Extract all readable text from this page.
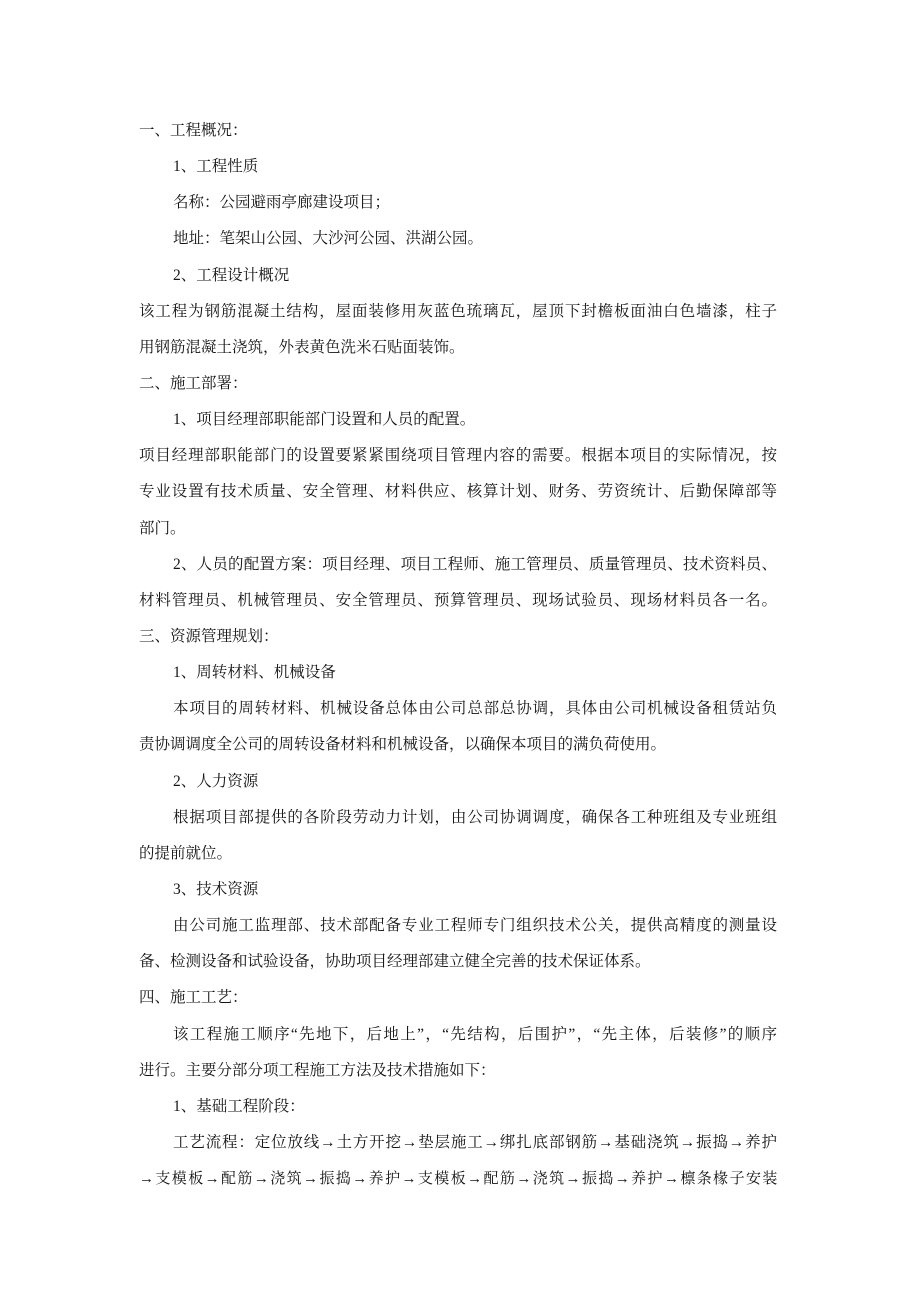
一、工程概况：
1、工程性质
名称：公园避雨亭廊建设项目；
地址：笔架山公园、大沙河公园、洪湖公园。
2、工程设计概况
该工程为钢筋混凝土结构，屋面装修用灰蓝色琉璃瓦，屋顶下封檐板面油白色墙漆，柱子
用钢筋混凝土浇筑，外表黄色洗米石贴面装饰。
二、施工部署：
1、项目经理部职能部门设置和人员的配置。
项目经理部职能部门的设置要紧紧围绕项目管理内容的需要。根据本项目的实际情况，按
专业设置有技术质量、安全管理、材料供应、核算计划、财务、劳资统计、后勤保障部等
部门。
2、人员的配置方案：项目经理、项目工程师、施工管理员、质量管理员、技术资料员、
材料管理员、机械管理员、安全管理员、预算管理员、现场试验员、现场材料员各一名。
三、资源管理规划：
1、周转材料、机械设备
本项目的周转材料、机械设备总体由公司总部总协调，具体由公司机械设备租赁站负
责协调调度全公司的周转设备材料和机械设备，以确保本项目的满负荷使用。
2、人力资源
根据项目部提供的各阶段劳动力计划，由公司协调调度，确保各工种班组及专业班组
的提前就位。
3、技术资源
由公司施工监理部、技术部配备专业工程师专门组织技术公关，提供高精度的测量设
备、检测设备和试验设备，协助项目经理部建立健全完善的技术保证体系。
四、施工工艺：
该工程施工顺序“先地下，后地上”，“先结构，后围护”，“先主体，后装修”的顺序
进行。主要分部分项工程施工方法及技术措施如下：
1、基础工程阶段：
工艺流程：定位放线→土方开挖→垫层施工→绑扎底部钢筋→基础浇筑→振捣→养护
→支模板→配筋→浇筑→振捣→养护→支模板→配筋→浇筑→振捣→养护→檩条椽子安装
